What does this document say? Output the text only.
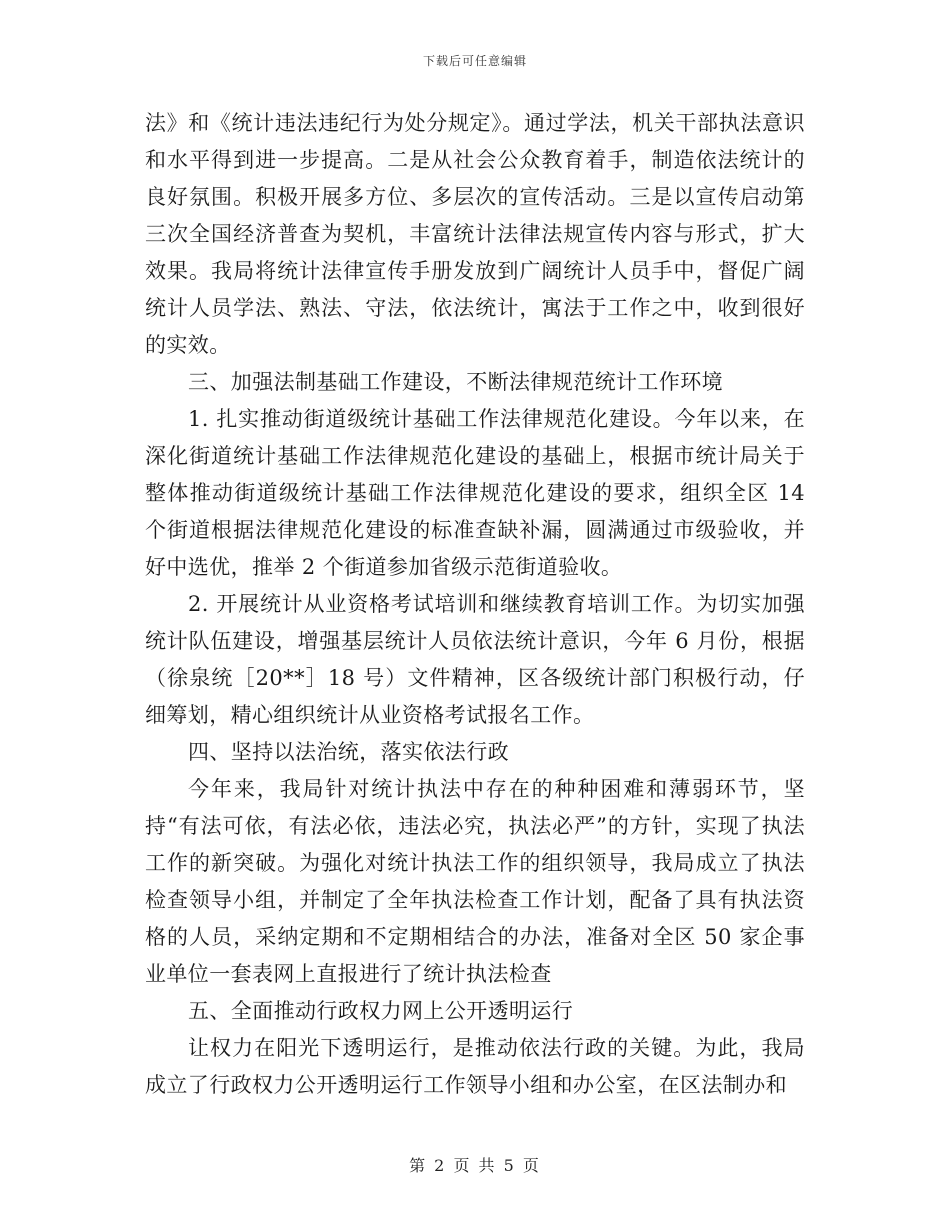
下载后可任意编辑

法》和《统计违法违纪行为处分规定》。通过学法，机关干部执法意识和水平得到进一步提高。二是从社会公众教育着手，制造依法统计的良好氛围。积极开展多方位、多层次的宣传活动。三是以宣传启动第三次全国经济普查为契机，丰富统计法律法规宣传内容与形式，扩大效果。我局将统计法律宣传手册发放到广阔统计人员手中，督促广阔统计人员学法、熟法、守法，依法统计，寓法于工作之中，收到很好的实效。

三、加强法制基础工作建设，不断法律规范统计工作环境

1. 扎实推动街道级统计基础工作法律规范化建设。今年以来，在深化街道统计基础工作法律规范化建设的基础上，根据市统计局关于整体推动街道级统计基础工作法律规范化建设的要求，组织全区 14 个街道根据法律规范化建设的标准查缺补漏，圆满通过市级验收，并好中选优，推举 2 个街道参加省级示范街道验收。

2. 开展统计从业资格考试培训和继续教育培训工作。为切实加强统计队伍建设，增强基层统计人员依法统计意识，今年 6 月份，根据（徐泉统［20**］18 号）文件精神，区各级统计部门积极行动，仔细筹划，精心组织统计从业资格考试报名工作。

四、坚持以法治统，落实依法行政

今年来，我局针对统计执法中存在的种种困难和薄弱环节，坚持“有法可依，有法必依，违法必究，执法必严”的方针，实现了执法工作的新突破。为强化对统计执法工作的组织领导，我局成立了执法检查领导小组，并制定了全年执法检查工作计划，配备了具有执法资格的人员，采纳定期和不定期相结合的办法，准备对全区 50 家企事业单位一套表网上直报进行了统计执法检查

五、全面推动行政权力网上公开透明运行

让权力在阳光下透明运行，是推动依法行政的关键。为此，我局成立了行政权力公开透明运行工作领导小组和办公室，在区法制办和

第 2 页 共 5 页
